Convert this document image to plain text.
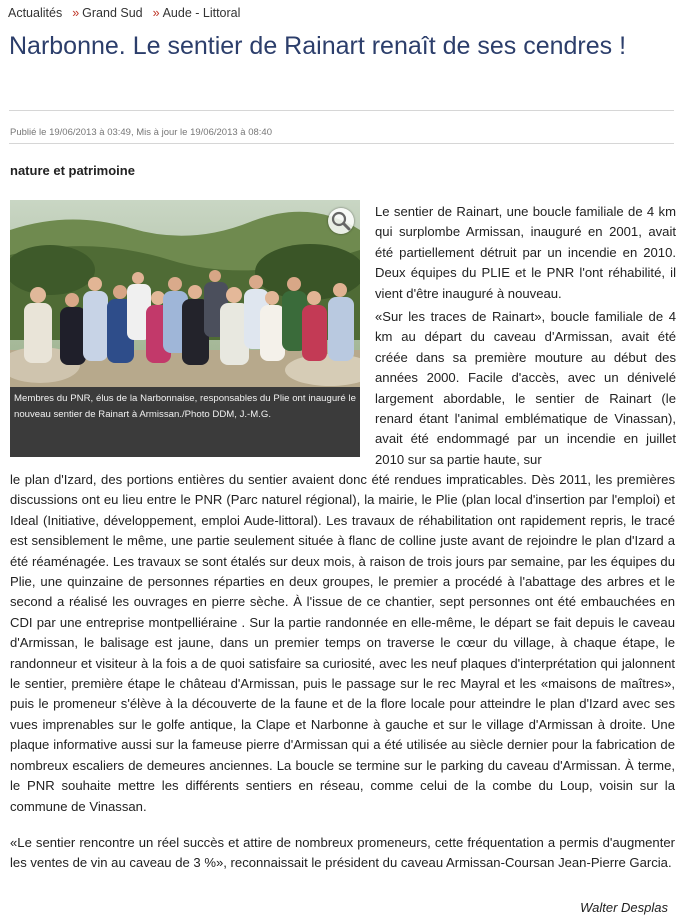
Actualités » Grand Sud » Aude - Littoral
Narbonne. Le sentier de Rainart renaît de ses cendres !
Publié le 19/06/2013 à 03:49, Mis à jour le 19/06/2013 à 08:40
nature et patrimoine
Membres du PNR, élus de la Narbonnaise, responsables du Plie ont inauguré le nouveau sentier de Rainart à Armissan./Photo DDM, J.-M.G.

Le sentier de Rainart, une boucle familiale de 4 km qui surplombe Armissan, inauguré en 2001, avait été partiellement détruit par un incendie en 2010. Deux équipes du PLIE et le PNR l'ont réhabilité, il vient d'être inauguré à nouveau.

«Sur les traces de Rainart», boucle familiale de 4 km au départ du caveau d'Armissan, avait été créée dans sa première mouture au début des années 2000. Facile d'accès, avec un dénivelé largement abordable, le sentier de Rainart (le renard étant l'animal emblématique de Vinassan), avait été endommagé par un incendie en juillet 2010 sur sa partie haute, sur

le plan d'Izard, des portions entières du sentier avaient donc été rendues impraticables. Dès 2011, les premières discussions ont eu lieu entre le PNR (Parc naturel régional), la mairie, le Plie (plan local d'insertion par l'emploi) et Ideal (Initiative, développement, emploi Aude-littoral). Les travaux de réhabilitation ont rapidement repris, le tracé est sensiblement le même, une partie seulement située à flanc de colline juste avant de rejoindre le plan d'Izard a été réaménagée. Les travaux se sont étalés sur deux mois, à raison de trois jours par semaine, par les équipes du Plie, une quinzaine de personnes réparties en deux groupes, le premier a procédé à l'abattage des arbres et le second a réalisé les ouvrages en pierre sèche. À l'issue de ce chantier, sept personnes ont été embauchées en CDI par une entreprise montpelliéraine . Sur la partie randonnée en elle-même, le départ se fait depuis le caveau d'Armissan, le balisage est jaune, dans un premier temps on traverse le cœur du village, à chaque étape, le randonneur et visiteur à la fois a de quoi satisfaire sa curiosité, avec les neuf plaques d'interprétation qui jalonnent le sentier, première étape le château d'Armissan, puis le passage sur le rec Mayral et les «maisons de maîtres», puis le promeneur s'élève à la découverte de la faune et de la flore locale pour atteindre le plan d'Izard avec ses vues imprenables sur le golfe antique, la Clape et Narbonne à gauche et sur le village d'Armissan à droite. Une plaque informative aussi sur la fameuse pierre d'Armissan qui a été utilisée au siècle dernier pour la fabrication de nombreux escaliers de demeures anciennes. La boucle se termine sur le parking du caveau d'Armissan. À terme, le PNR souhaite mettre les différents sentiers en réseau, comme celui de la combe du Loup, voisin sur la commune de Vinassan.

«Le sentier rencontre un réel succès et attire de nombreux promeneurs, cette fréquentation a permis d'augmenter les ventes de vin au caveau de 3 %», reconnaissait le président du caveau Armissan-Coursan Jean-Pierre Garcia.

Walter Desplas
